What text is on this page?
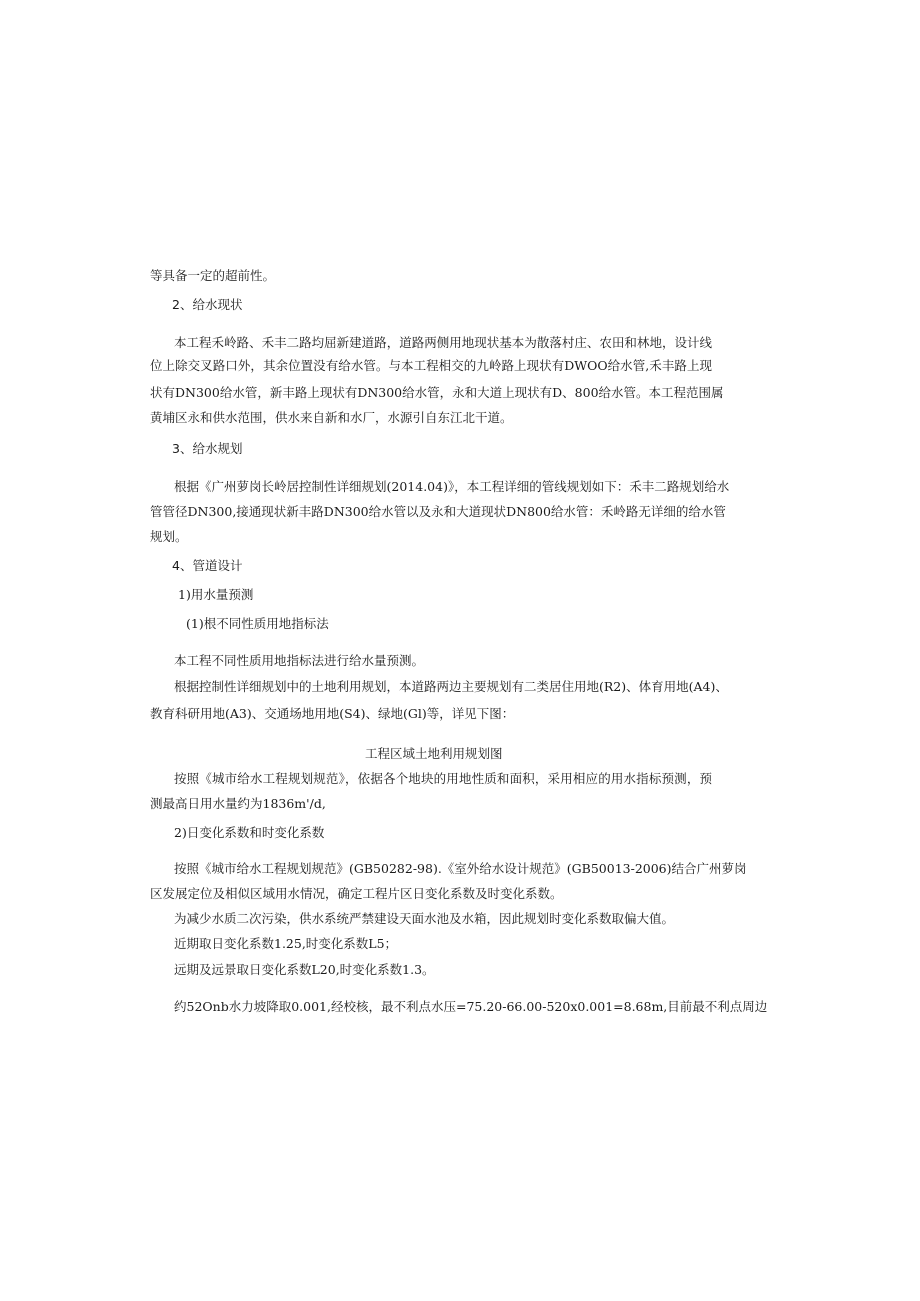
等具备一定的超前性。
2、给水现状
本工程禾岭路、禾丰二路均屈新建道路，道路两侧用地现状基本为散落村庄、农田和林地，设计线
位上除交叉路口外，其余位置没有给水管。与本工程相交的九岭路上现状有DWOO给水管,禾丰路上现
状有DN300给水管，新丰路上现状有DN300给水管，永和大道上现状有D、800给水管。本工程范围属
黄埔区永和供水范围，供水来自新和水厂，水源引自东江北干道。
3、给水规划
根据《广州萝岗长岭居控制性详细规划(2014.04)》，本工程详细的管线规划如下：禾丰二路规划给水
管管径DN300,接通现状新丰路DN300给水管以及永和大道现状DN800给水管：禾岭路无详细的给水管
规划。
4、管道设计
1)用水量预测
(1)根不同性质用地指标法
本工程不同性质用地指标法进行给水量预测。
根据控制性详细规划中的土地利用规划，本道路两边主要规划有二类居住用地(R2)、体育用地(A4)、
教育科研用地(A3)、交通场地用地(S4)、绿地(Gl)等，详见下图：
工程区域土地利用规划图
按照《城市给水工程规划规范》，依据各个地块的用地性质和面积，采用相应的用水指标预测，预
测最高日用水量约为1836m'/d,
2)日变化系数和时变化系数
按照《城市给水工程规划规范》(GB50282-98).《室外给水设计规范》(GB50013-2006)结合广州萝岗
区发展定位及相似区域用水情况，确定工程片区日变化系数及时变化系数。
为减少水质二次污染，供水系统严禁建设天面水池及水箱，因此规划时变化系数取偏大值。
近期取日变化系数1.25,时变化系数L5；
远期及远景取日变化系数L20,时变化系数1.3。
约52Onb水力坡降取0.001,经校核，最不利点水压=75.20-66.00-520x0.001=8.68m,目前最不利点周边
